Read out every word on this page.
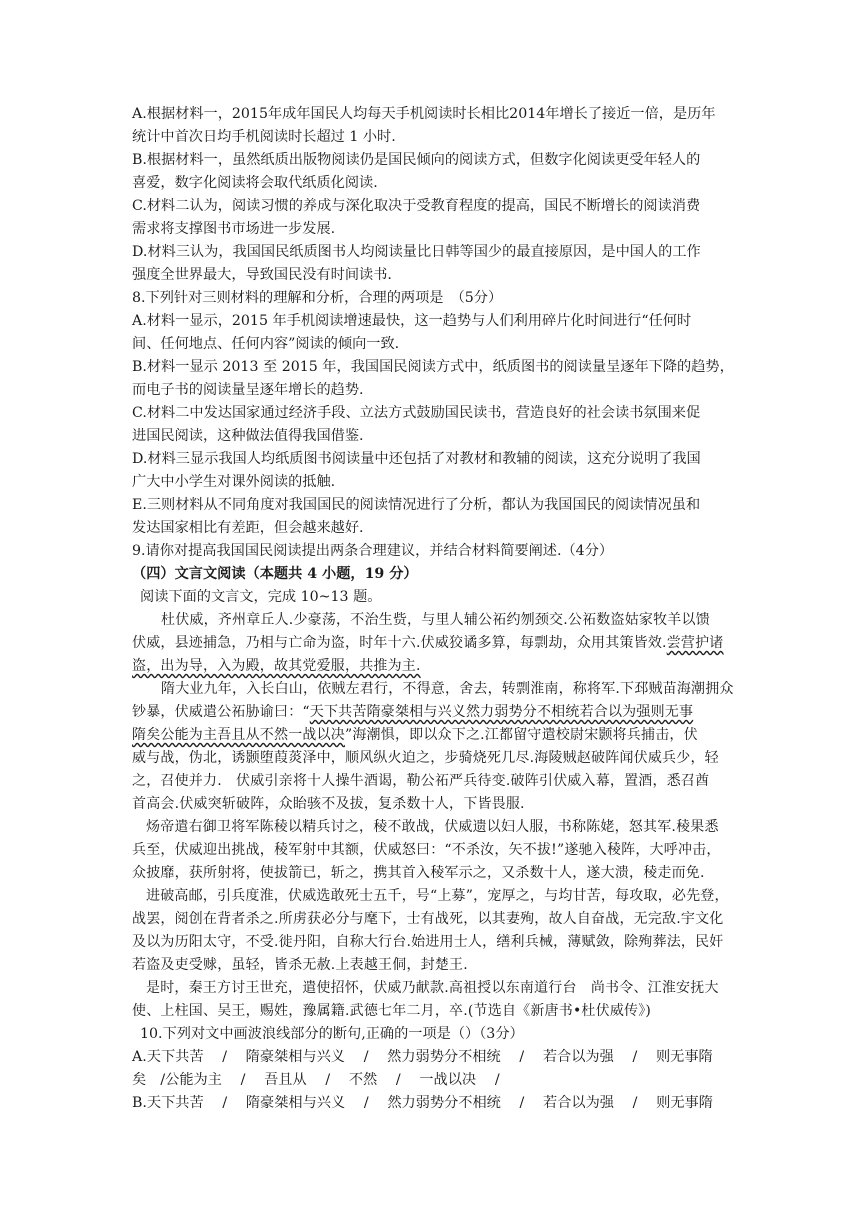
A.根据材料一，2015年成年国民人均每天手机阅读时长相比2014年增长了接近一倍，是历年
统计中首次日均手机阅读时长超过 1 小时.
B.根据材料一，虽然纸质出版物阅读仍是国民倾向的阅读方式，但数字化阅读更受年轻人的
喜爱，数字化阅读将会取代纸质化阅读.
C.材料二认为，阅读习惯的养成与深化取决于受教育程度的提高，国民不断增长的阅读消费
需求将支撑图书市场进一步发展.
D.材料三认为，我国国民纸质图书人均阅读量比日韩等国少的最直接原因，是中国人的工作
强度全世界最大，导致国民没有时间读书.
8.下列针对三则材料的理解和分析，合理的两项是　（5分）
A.材料一显示，2015 年手机阅读增速最快，这一趋势与人们利用碎片化时间进行“任何时
间、任何地点、任何内容”阅读的倾向一致.
B.材料一显示 2013 至 2015 年，我国国民阅读方式中，纸质图书的阅读量呈逐年下降的趋势，
而电子书的阅读量呈逐年增长的趋势.
C.材料二中发达国家通过经济手段、立法方式鼓励国民读书，营造良好的社会读书氛围来促
进国民阅读，这种做法值得我国借鉴.
D.材料三显示我国人均纸质图书阅读量中还包括了对教材和教辅的阅读，这充分说明了我国
广大中小学生对课外阅读的抵触.
E.三则材料从不同角度对我国国民的阅读情况进行了分析，都认为我国国民的阅读情况虽和
发达国家相比有差距，但会越来越好.
9.请你对提高我国国民阅读提出两条合理建议，并结合材料简要阐述.（4分）
（四）文言文阅读（本题共 4 小题，19 分）
阅读下面的文言文，完成 10~13 题。
杜伏威，齐州章丘人.少豪荡，不治生赀，与里人辅公祏约刎颈交.公祏数盗姑家牧羊以馈
伏威，县迹捕急，乃相与亡命为盗，时年十六.伏威狡谲多算，每剽劫，众用其策皆效.尝营护诸
盗，出为导，入为殿，故其党爱服，共推为主.
隋大业九年，入长白山，依贼左君行，不得意，舍去，转剽淮南，称将军.下邳贼苗海潮拥众
钞暴，伏威遣公祏胁谕曰：“天下共苦隋豪桀相与兴义然力弱势分不相统若合以为强则无事
隋矣公能为主吾且从不然一战以决”海潮惧，即以众下之.江都留守遣校尉宋颢将兵捕击，伏
威与战，伪北，诱颢堕葭菼泽中，顺风纵火迫之，步骑烧死几尽.海陵贼赵破阵闻伏威兵少，轻
之，召使并力.　伏威引亲将十人操牛酒谒，勒公祏严兵待变.破阵引伏威入幕，置酒，悉召酋
首高会.伏威突斩破阵，众眙骇不及拔，复杀数十人，下皆畏服.
炀帝遣右御卫将军陈稜以精兵讨之，稜不敢战，伏威遗以妇人服，书称陈姥，怒其军.稜果悉
兵至，伏威迎出挑战，稜军射中其额，伏威怒曰：“不杀汝，矢不拔!”遂驰入稜阵，大呼冲击，
众披靡，获所射将，使拔箭已，斩之，携其首入稜军示之，又杀数十人，遂大溃，稜走而免.
进破高邮，引兵度淮，伏威选敢死士五千，号“上募”，宠厚之，与均甘苦，每攻取，必先登，
战罢，阅创在背者杀之.所虏获必分与麾下，士有战死，以其妻殉，故人自奋战，无完敌.宇文化
及以为历阳太守，不受.徙丹阳，自称大行台.始进用士人，缮利兵械，薄赋敛，除殉葬法，民奸
若盗及吏受赇，虽轻，皆杀无赦.上表越王侗，封楚王.
是时，秦王方讨王世充，遣使招怀，伏威乃献款.高祖授以东南道行台　尚书令、江淮安抚大
使、上柱国、吴王，赐姓，豫属籍.武德七年二月，卒.(节选自《新唐书•杜伏威传》)
10.下列对文中画波浪线部分的断句,正确的一项是（）（3分）
A.天下共苦　 /　 隋豪桀相与兴义　 /　 然力弱势分不相统　 /　 若合以为强　 /　 则无事隋
矣　/公能为主　 /　 吾且从　 /　 不然　 /　 一战以决　 /
B.天下共苦　 /　 隋豪桀相与兴义　 /　 然力弱势分不相统　 /　 若合以为强　 /　 则无事隋
